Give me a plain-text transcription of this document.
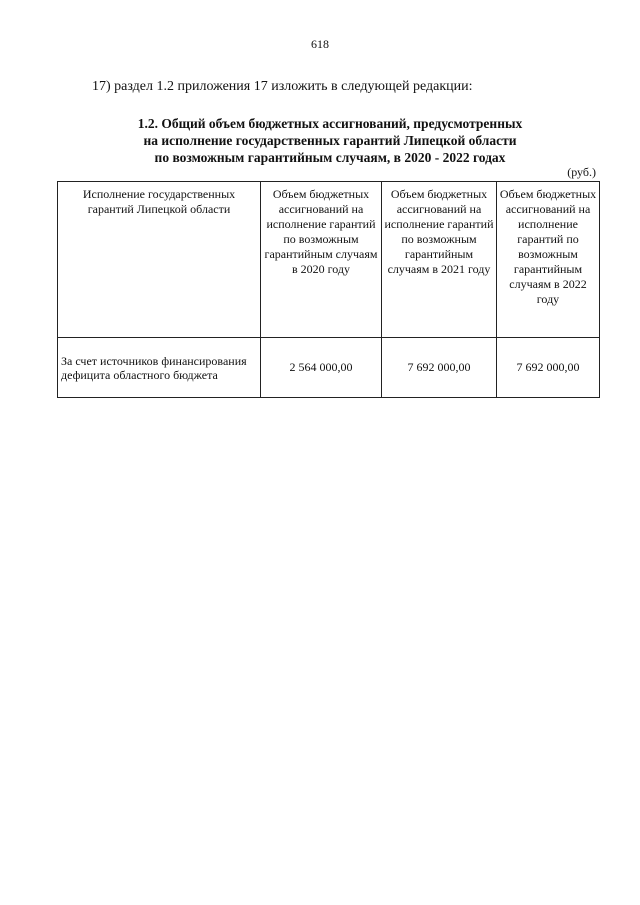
618
17) раздел 1.2 приложения 17 изложить в следующей редакции:
1.2. Общий объем бюджетных ассигнований, предусмотренных
на исполнение государственных гарантий Липецкой области
по возможным гарантийным случаям, в 2020 - 2022 годах
(руб.)
Исполнение государственных гарантий Липецкой области	Объем бюджетных ассигнований на исполнение гарантий по возможным гарантийным случаям в 2020 году	Объем бюджетных ассигнований на исполнение гарантий по возможным гарантийным случаям в 2021 году	Объем бюджетных ассигнований на исполнение гарантий по возможным гарантийным случаям в 2022 году
За счет источников финансирования дефицита областного бюджета	2 564 000,00	7 692 000,00	7 692 000,00
